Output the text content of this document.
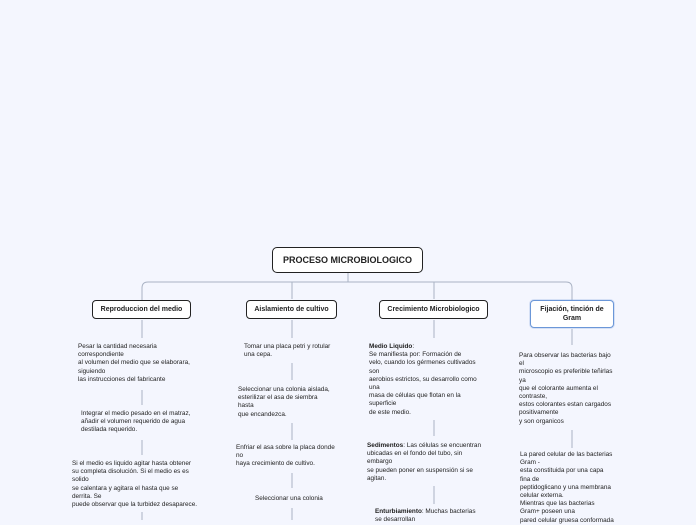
PROCESO MICROBIOLOGICO
Reproduccion del medio	Aislamiento de cultivo	Crecimiento Microbiologico	Fijación, tinción de Gram
Pesar la cantidad necesaria
correspondiente
al volumen del medio que se elaborara,
siguiendo
las instrucciones del fabricante
Integrar el medio pesado en el matraz,
añadir el volumen requerido de agua
destilada requerido.
Si el medio es liquido agitar hasta obtener
su completa disolución. Si el medio es es
solido
se calentara y agitara el hasta que se
derrita. Se
puede observar que la turbidez desaparece.
Tomar una placa petri y rotular
una cepa.
Seleccionar una colonia aislada,
esterilizar el asa de siembra
hasta
que encandezca.
Enfriar el asa sobre la placa donde
no
haya crecimiento de cultivo.
Seleccionar una colonia
Medio Liquido:
Se manifiesta por: Formación de
velo, cuando los gérmenes cultivados
son
aerobios estrictos, su desarrollo como
una
masa de células que flotan en la
superficie
de este medio.
Sedimentos: Las células se encuentran
ubicadas en el fondo del tubo, sin
embargo
se pueden poner en suspensión si se
agitan.
Enturbiamiento: Muchas bacterias
se desarrollan
Para observar las bacterias bajo
el
microscopio es preferible teñirlas
ya
que el colorante aumenta el
contraste,
estos colorantes estan cargados
positivamente
y son organicos
La pared celular de las bacterias
Gram -
esta constituida por una capa
fina de
peptidoglicano y una membrana
celular externa.
Mientras que las bacterias
Gram+ poseen una
pared celular gruesa conformada
